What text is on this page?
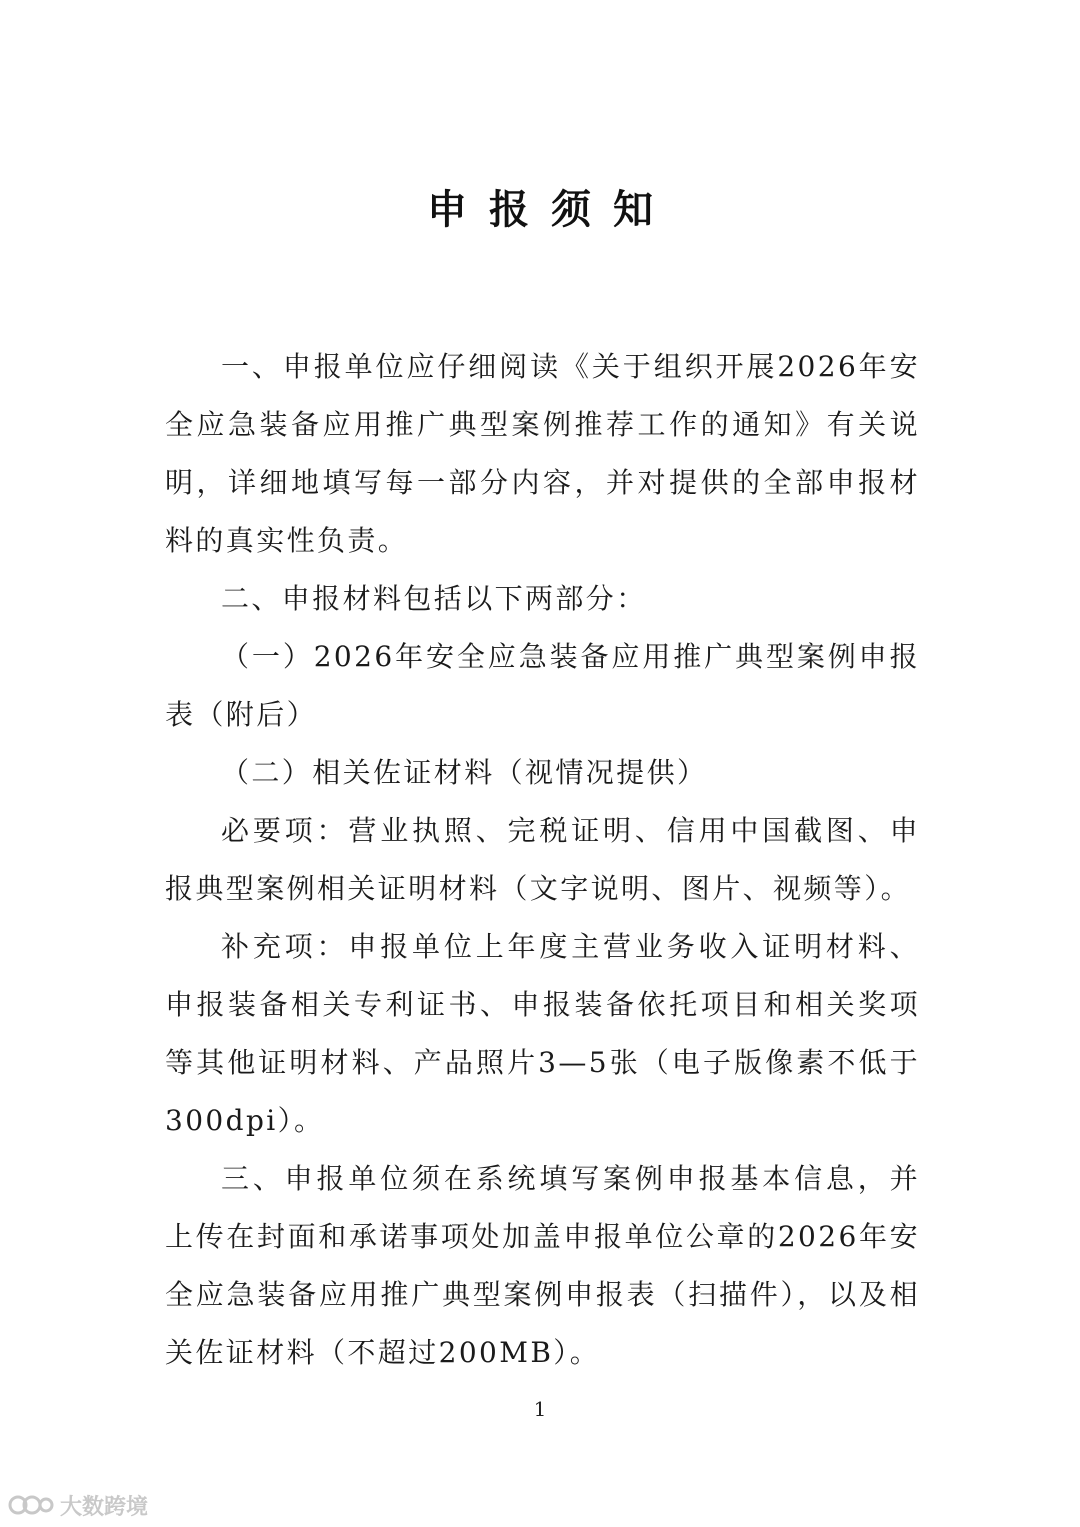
申报须知

一、申报单位应仔细阅读《关于组织开展2026年安全应急装备应用推广典型案例推荐工作的通知》有关说明，详细地填写每一部分内容，并对提供的全部申报材料的真实性负责。

二、申报材料包括以下两部分：

（一）2026年安全应急装备应用推广典型案例申报表（附后）

（二）相关佐证材料（视情况提供）

必要项：营业执照、完税证明、信用中国截图、申报典型案例相关证明材料（文字说明、图片、视频等）。

补充项：申报单位上年度主营业务收入证明材料、申报装备相关专利证书、申报装备依托项目和相关奖项等其他证明材料、产品照片3—5张（电子版像素不低于300dpi）。

三、申报单位须在系统填写案例申报基本信息，并上传在封面和承诺事项处加盖申报单位公章的2026年安全应急装备应用推广典型案例申报表（扫描件），以及相关佐证材料（不超过200MB）。

1
大数跨境
